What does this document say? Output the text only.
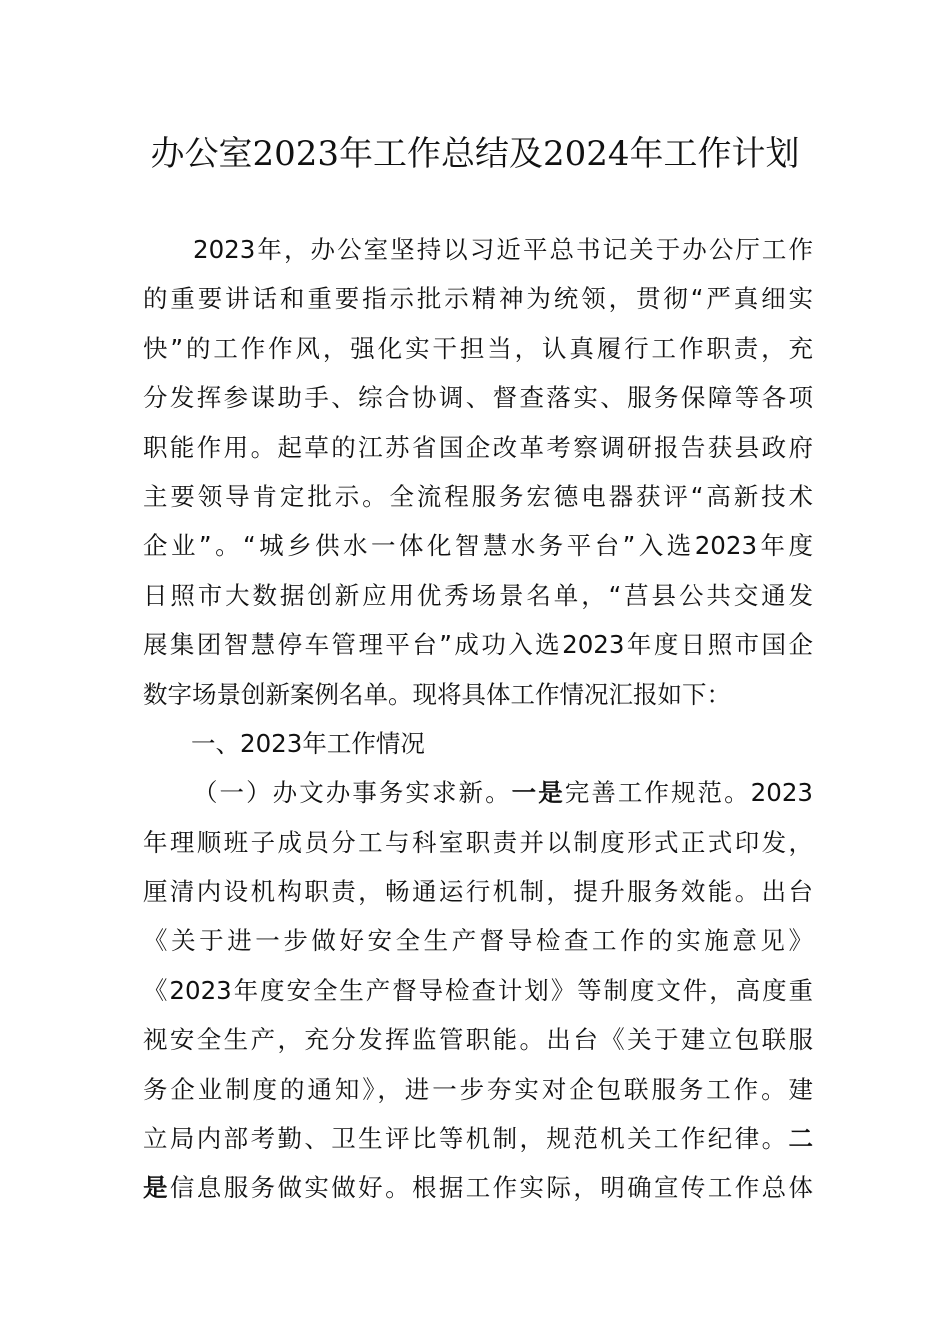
办公室2023年工作总结及2024年工作计划
2023年，办公室坚持以习近平总书记关于办公厅工作
的重要讲话和重要指示批示精神为统领，贯彻“严真细实
快”的工作作风，强化实干担当，认真履行工作职责，充
分发挥参谋助手、综合协调、督查落实、服务保障等各项
职能作用。起草的江苏省国企改革考察调研报告获县政府
主要领导肯定批示。全流程服务宏德电器获评“高新技术
企业”。“城乡供水一体化智慧水务平台”入选2023年度
日照市大数据创新应用优秀场景名单，“莒县公共交通发
展集团智慧停车管理平台”成功入选2023年度日照市国企
数字场景创新案例名单。现将具体工作情况汇报如下：
一、2023年工作情况
（一）办文办事务实求新。一是完善工作规范。2023
年理顺班子成员分工与科室职责并以制度形式正式印发，
厘清内设机构职责，畅通运行机制，提升服务效能。出台
《关于进一步做好安全生产督导检查工作的实施意见》
《2023年度安全生产督导检查计划》等制度文件，高度重
视安全生产，充分发挥监管职能。出台《关于建立包联服
务企业制度的通知》，进一步夯实对企包联服务工作。建
立局内部考勤、卫生评比等机制，规范机关工作纪律。二
是信息服务做实做好。根据工作实际，明确宣传工作总体
